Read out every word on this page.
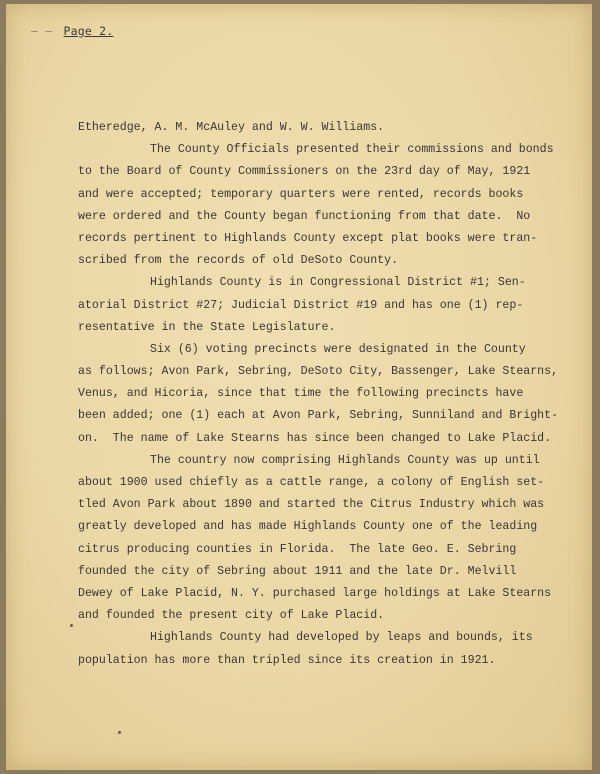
– – Page 2.
Etheredge, A. M. McAuley and W. W. Williams.
The County Officials presented their commissions and bonds
to the Board of County Commissioners on the 23rd day of May, 1921
and were accepted; temporary quarters were rented, records books
were ordered and the County began functioning from that date.  No
records pertinent to Highlands County except plat books were tran-
scribed from the records of old DeSoto County.
Highlands County is in Congressional District #1; Sen-
atorial District #27; Judicial District #19 and has one (1) rep-
resentative in the State Legislature.
Six (6) voting precincts were designated in the County
as follows; Avon Park, Sebring, DeSoto City, Bassenger, Lake Stearns,
Venus, and Hicoria, since that time the following precincts have
been added; one (1) each at Avon Park, Sebring, Sunniland and Bright-
on.  The name of Lake Stearns has since been changed to Lake Placid.
The country now comprising Highlands County was up until
about 1900 used chiefly as a cattle range, a colony of English set-
tled Avon Park about 1890 and started the Citrus Industry which was
greatly developed and has made Highlands County one of the leading
citrus producing counties in Florida.  The late Geo. E. Sebring
founded the city of Sebring about 1911 and the late Dr. Melvill
Dewey of Lake Placid, N. Y. purchased large holdings at Lake Stearns
and founded the present city of Lake Placid.
Highlands County had developed by leaps and bounds, its
population has more than tripled since its creation in 1921.
